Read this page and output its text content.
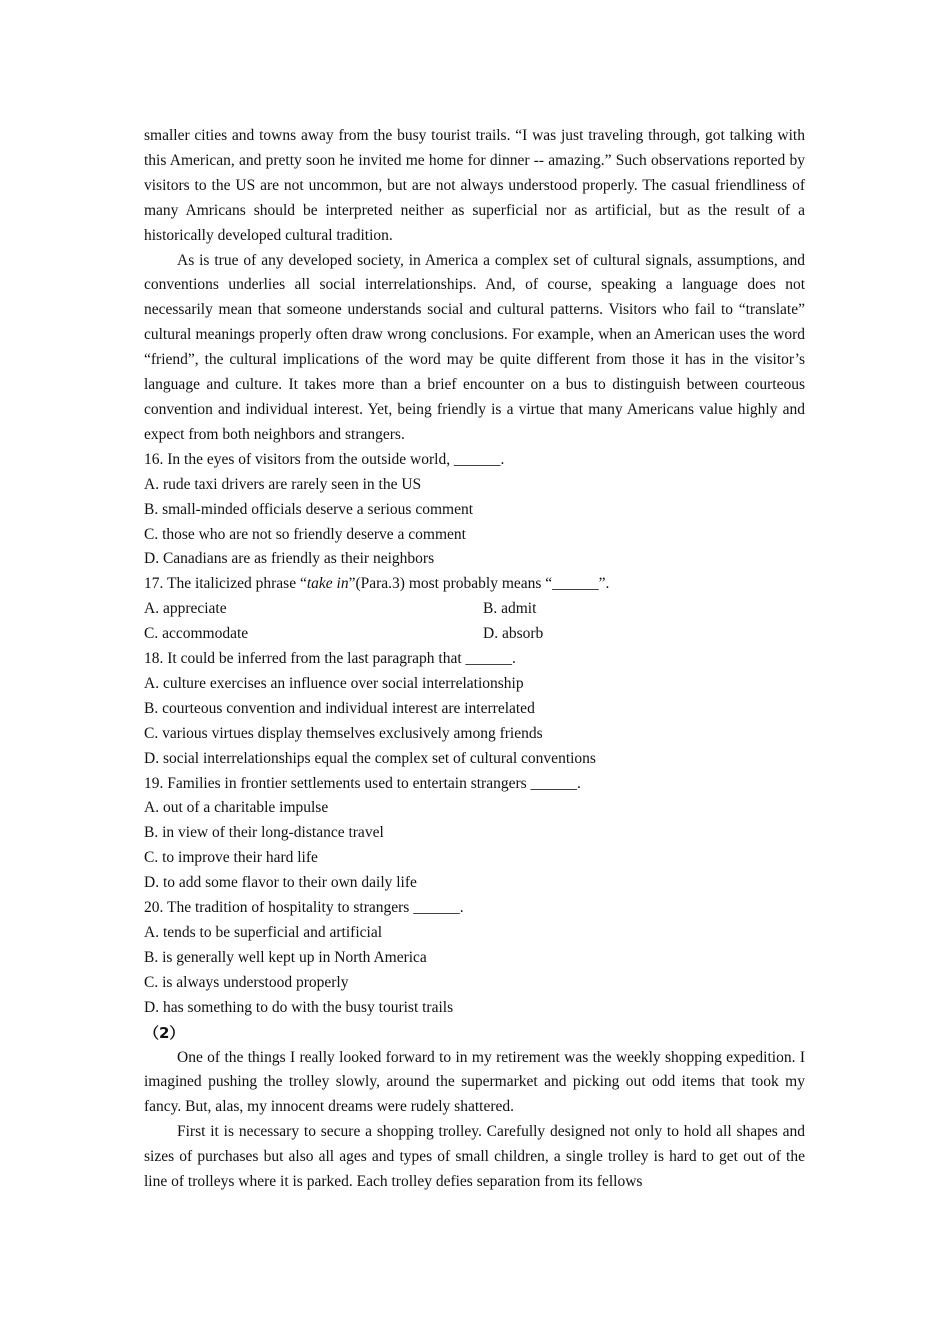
smaller cities and towns away from the busy tourist trails. “I was just traveling through, got talking with this American, and pretty soon he invited me home for dinner -- amazing.” Such observations reported by visitors to the US are not uncommon, but are not always understood properly. The casual friendliness of many Amricans should be interpreted neither as superficial nor as artificial, but as the result of a historically developed cultural tradition.

As is true of any developed society, in America a complex set of cultural signals, assumptions, and conventions underlies all social interrelationships. And, of course, speaking a language does not necessarily mean that someone understands social and cultural patterns. Visitors who fail to “translate” cultural meanings properly often draw wrong conclusions. For example, when an American uses the word “friend”, the cultural implications of the word may be quite different from those it has in the visitor’s language and culture. It takes more than a brief encounter on a bus to distinguish between courteous convention and individual interest. Yet, being friendly is a virtue that many Americans value highly and expect from both neighbors and strangers.

16. In the eyes of visitors from the outside world, ______.

A. rude taxi drivers are rarely seen in the US

B. small-minded officials deserve a serious comment

C. those who are not so friendly deserve a comment

D. Canadians are as friendly as their neighbors

17. The italicized phrase “take in”(Para.3) most probably means “______”.

A. appreciate	B. admit

C. accommodate	D. absorb

18. It could be inferred from the last paragraph that ______.

A. culture exercises an influence over social interrelationship

B. courteous convention and individual interest are interrelated

C. various virtues display themselves exclusively among friends

D. social interrelationships equal the complex set of cultural conventions

19. Families in frontier settlements used to entertain strangers ______.

A. out of a charitable impulse

B. in view of their long-distance travel

C. to improve their hard life

D. to add some flavor to their own daily life

20. The tradition of hospitality to strangers ______.

A. tends to be superficial and artificial

B. is generally well kept up in North America

C. is always understood properly

D. has something to do with the busy tourist trails

（2）

One of the things I really looked forward to in my retirement was the weekly shopping expedition. I imagined pushing the trolley slowly, around the supermarket and picking out odd items that took my fancy. But, alas, my innocent dreams were rudely shattered.

First it is necessary to secure a shopping trolley. Carefully designed not only to hold all shapes and sizes of purchases but also all ages and types of small children, a single trolley is hard to get out of the line of trolleys where it is parked. Each trolley defies separation from its fellows
